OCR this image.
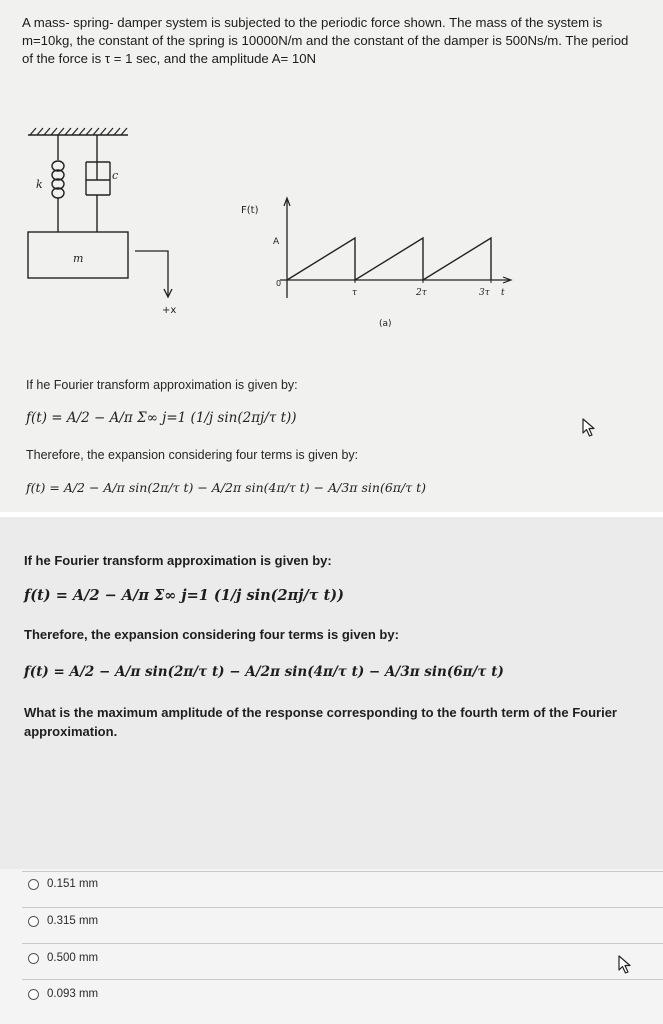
A mass- spring- damper system is subjected to the periodic force shown. The mass of the system is m=10kg, the constant of the spring is 10000N/m and the constant of the damper is 500Ns/m. The period of the force is τ = 1 sec, and the amplitude A= 10N

k
c
m
+x
F(t)
A
0
τ	2τ	3τ t
(a)

If he Fourier transform approximation is given by:

f(t) = A/2 − A/π Σ∞ j=1 (1/j sin(2πj/τ t))

Therefore, the expansion considering four terms is given by:

f(t) = A/2 − A/π sin(2π/τ t) − A/2π sin(4π/τ t) − A/3π sin(6π/τ t)

If he Fourier transform approximation is given by:

f(t) = A/2 − A/π Σ∞ j=1 (1/j sin(2πj/τ t))

Therefore, the expansion considering four terms is given by:

f(t) = A/2 − A/π sin(2π/τ t) − A/2π sin(4π/τ t) − A/3π sin(6π/τ t)

What is the maximum amplitude of the response corresponding to the fourth term of the Fourier approximation.

0.151 mm
0.315 mm
0.500 mm
0.093 mm
